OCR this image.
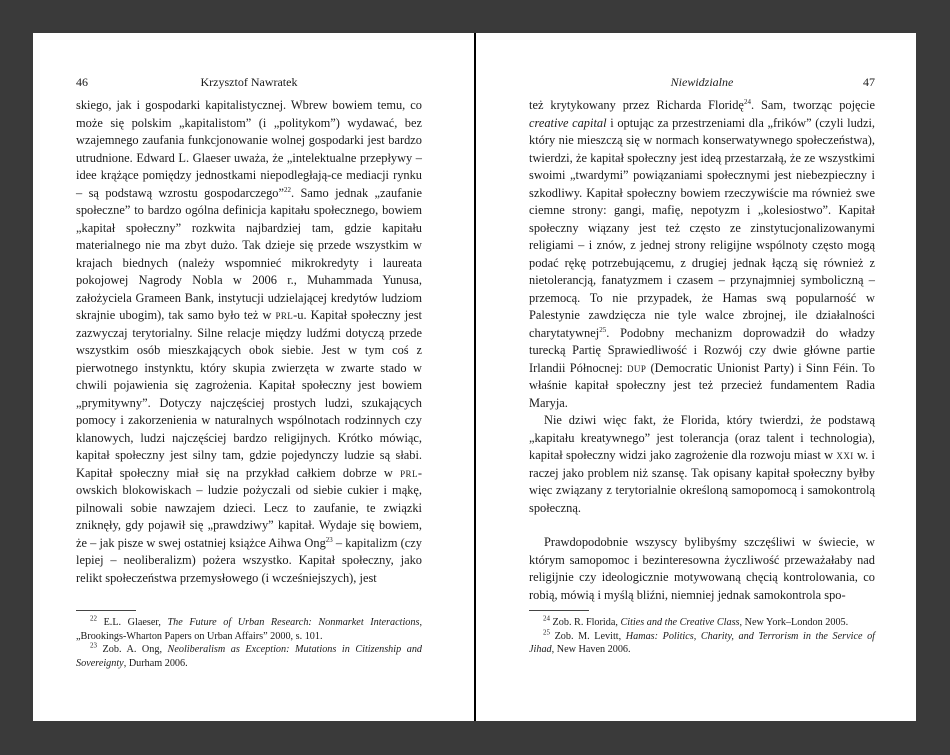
46	Krzysztof Nawratek

skiego, jak i gospodarki kapitalistycznej. Wbrew bowiem temu, co może się polskim „kapitalistom” (i „politykom”) wydawać, bez wzajemnego zaufania funkcjonowanie wolnej gospodarki jest bardzo utrudnione. Edward L. Glaeser uważa, że „intelektualne przepływy – idee krążące pomiędzy jednostkami niepodległają-ce mediacji rynku – są podstawą wzrostu gospodarczego”$^{22}$. Samo jednak „zaufanie społeczne” to bardzo ogólna definicja kapitału społecznego, bowiem „kapitał społeczny” rozkwita najbardziej tam, gdzie kapitału materialnego nie ma zbyt dużo. Tak dzieje się przede wszystkim w krajach biednych (należy wspomnieć mikrokredyty i laureata pokojowej Nagrody Nobla w 2006 r., Muhammada Yunusa, założyciela Grameen Bank, instytucji udzielającej kredytów ludziom skrajnie ubogim), tak samo było też w prl-u. Kapitał społeczny jest zazwyczaj terytorialny. Silne relacje między ludźmi dotyczą przede wszystkim osób mieszkających obok siebie. Jest w tym coś z pierwotnego instynktu, który skupia zwierzęta w zwarte stado w chwili pojawienia się zagrożenia. Kapitał społeczny jest bowiem „prymitywny”. Dotyczy najczęściej prostych ludzi, szukających pomocy i zakorzenienia w naturalnych wspólnotach rodzinnych czy klanowych, ludzi najczęściej bardzo religijnych. Krótko mówiąc, kapitał społeczny jest silny tam, gdzie pojedynczy ludzie są słabi. Kapitał społeczny miał się na przykład całkiem dobrze w prl-owskich blokowiskach – ludzie pożyczali od siebie cukier i mąkę, pilnowali sobie nawzajem dzieci. Lecz to zaufanie, te związki zniknęły, gdy pojawił się „prawdziwy” kapitał. Wydaje się bowiem, że – jak pisze w swej ostatniej książce Aihwa Ong$^{23}$ – kapitalizm (czy lepiej – neoliberalizm) pożera wszystko. Kapitał społeczny, jako relikt społeczeństwa przemysłowego (i wcześniejszych), jest

$^{22}$ E.L. Glaeser, The Future of Urban Research: Nonmarket Interactions, „Brookings-Wharton Papers on Urban Affairs” 2000, s. 101.

$^{23}$ Zob. A. Ong, Neoliberalism as Exception: Mutations in Citizenship and Sovereignty, Durham 2006.

Niewidzialne	47

też krytykowany przez Richarda Floridę$^{24}$. Sam, tworząc pojęcie creative capital i optując za przestrzeniami dla „frików” (czyli ludzi, który nie mieszczą się w normach konserwatywnego społeczeństwa), twierdzi, że kapitał społeczny jest ideą przestarzałą, że ze wszystkimi swoimi „twardymi” powiązaniami społecznymi jest niebezpieczny i szkodliwy. Kapitał społeczny bowiem rzeczywiście ma również swe ciemne strony: gangi, mafię, nepotyzm i „kolesiostwo”. Kapitał społeczny wiązany jest też często ze zinstytucjonalizowanymi religiami – i znów, z jednej strony religijne wspólnoty często mogą podać rękę potrzebującemu, z drugiej jednak łączą się również z nietolerancją, fanatyzmem i czasem – przynajmniej symboliczną – przemocą. To nie przypadek, że Hamas swą popularność w Palestynie zawdzięcza nie tyle walce zbrojnej, ile działalności charytatywnej$^{25}$. Podobny mechanizm doprowadził do władzy turecką Partię Sprawiedliwość i Rozwój czy dwie główne partie Irlandii Północnej: dup (Democratic Unionist Party) i Sinn Féin. To właśnie kapitał społeczny jest też przecież fundamentem Radia Maryja.

Nie dziwi więc fakt, że Florida, który twierdzi, że podstawą „kapitału kreatywnego” jest tolerancja (oraz talent i technologia), kapitał społeczny widzi jako zagrożenie dla rozwoju miast w xxi w. i raczej jako problem niż szansę. Tak opisany kapitał społeczny byłby więc związany z terytorialnie określoną samopomocą i samokontrolą społeczną.

Prawdopodobnie wszyscy bylibyśmy szczęśliwi w świecie, w którym samopomoc i bezinteresowna życzliwość przeważałaby nad religijnie czy ideologicznie motywowaną chęcią kontrolowania, co robią, mówią i myślą bliźni, niemniej jednak samokontrola spo-

$^{24}$ Zob. R. Florida, Cities and the Creative Class, New York–London 2005.

$^{25}$ Zob. M. Levitt, Hamas: Politics, Charity, and Terrorism in the Service of Jihad, New Haven 2006.
